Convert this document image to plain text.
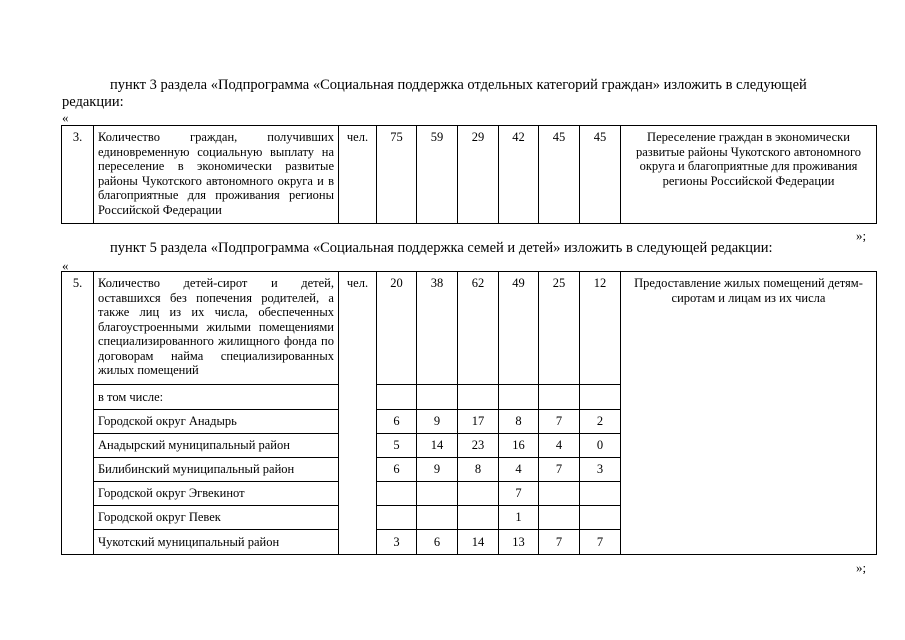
пункт 3 раздела «Подпрограмма «Социальная поддержка отдельных категорий граждан» изложить в следующей редакции:
«
3.	Количество граждан, получивших единовременную социальную выплату на переселение в экономически развитые районы Чукотского автономного округа и в благоприятные для проживания регионы Российской Федерации	чел.	75	59	29	42	45	45	Переселение граждан в экономически развитые районы Чукотского автономного округа и благоприятные для проживания регионы Российской Федерации
»;
пункт 5 раздела «Подпрограмма «Социальная поддержка семей и детей» изложить в следующей редакции:
«
5.	Количество детей-сирот и детей, оставшихся без попечения родителей, а также лиц из их числа, обеспеченных благоустроенными жилыми помещениями специализированного жилищного фонда по договорам найма специализированных жилых помещений	чел.	20	38	62	49	25	12	Предоставление жилых помещений детям-сиротам и лицам из их числа
	в том числе:								
	Городской округ Анадырь		6	9	17	8	7	2	
	Анадырский муниципальный район		5	14	23	16	4	0	
	Билибинский муниципальный район		6	9	8	4	7	3	
	Городской округ Эгвекинот					7			
	Городской округ Певек					1			
	Чукотский муниципальный район		3	6	14	13	7	7	
»;
